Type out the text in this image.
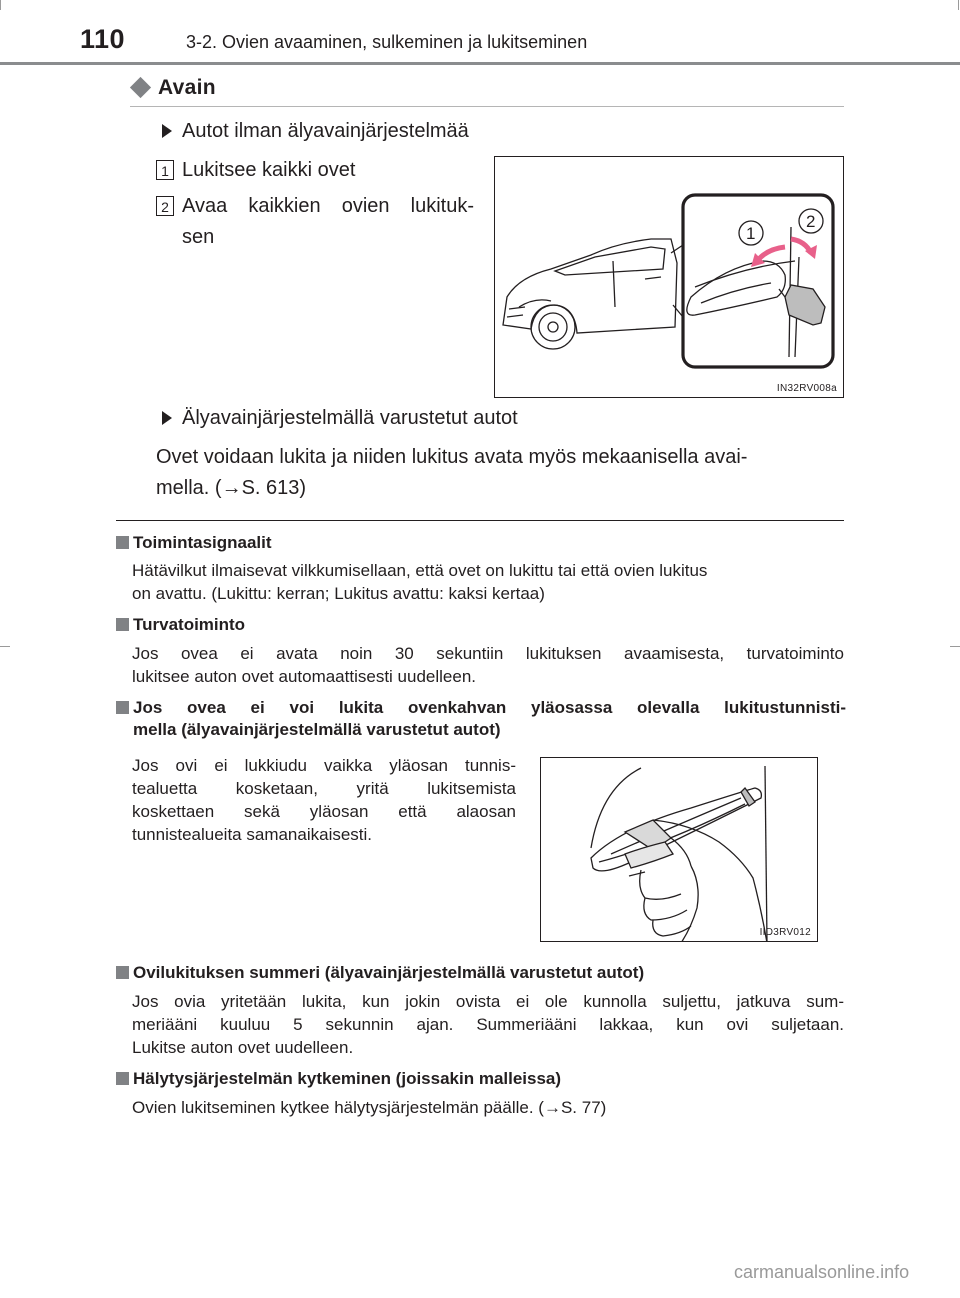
110	3-2. Ovien avaaminen, sulkeminen ja lukitseminen
Avain
Autot ilman älyavainjärjestelmää
1 Lukitsee kaikki ovet
2 Avaa kaikkien ovien lukituk-
sen	1
2
IN32RV008a
Älyavainjärjestelmällä varustetut autot
Ovet voidaan lukita ja niiden lukitus avata myös mekaanisella avai-
mella. (→S. 613)
Toimintasignaalit
Hätävilkut ilmaisevat vilkkumisellaan, että ovet on lukittu tai että ovien lukitus
on avattu. (Lukittu: kerran; Lukitus avattu: kaksi kertaa)
Turvatoiminto
Jos ovea ei avata noin 30 sekuntiin lukituksen avaamisesta, turvatoiminto
lukitsee auton ovet automaattisesti uudelleen.
Jos ovea ei voi lukita ovenkahvan yläosassa olevalla lukitustunnisti-
mella (älyavainjärjestelmällä varustetut autot)
Jos ovi ei lukkiudu vaikka yläosan tunnis-
tealuetta kosketaan, yritä lukitsemista
koskettaen sekä yläosan että alaosan
tunnistealueita samanaikaisesti.
IID3RV012
Ovilukituksen summeri (älyavainjärjestelmällä varustetut autot)
Jos ovia yritetään lukita, kun jokin ovista ei ole kunnolla suljettu, jatkuva sum-
meriääni kuuluu 5 sekunnin ajan. Summeriääni lakkaa, kun ovi suljetaan.
Lukitse auton ovet uudelleen.
Hälytysjärjestelmän kytkeminen (joissakin malleissa)
Ovien lukitseminen kytkee hälytysjärjestelmän päälle. (→S. 77)
carmanualsonline.info
